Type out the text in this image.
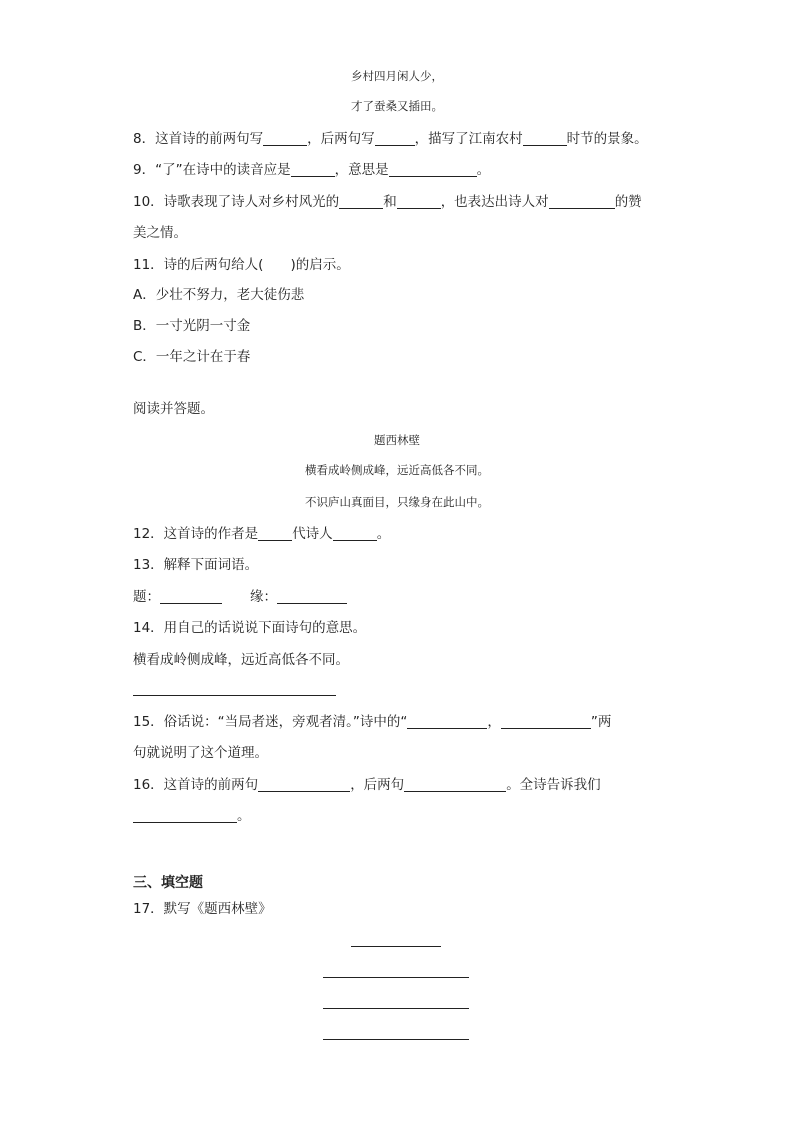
乡村四月闲人少，
才了蚕桑又插田。
8．这首诗的前两句写	，后两句写	，描写了江南农村	时节的景象。
9．“了”在诗中的读音应是	，意思是	。
10．诗歌表现了诗人对乡村风光的	和	，也表达出诗人对	的赞
美之情。
11．诗的后两句给人(　　)的启示。
A．少壮不努力，老大徒伤悲
B．一寸光阴一寸金
C．一年之计在于春
阅读并答题。
题西林壁
横看成岭侧成峰，远近高低各不同。
不识庐山真面目，只缘身在此山中。
12．这首诗的作者是	代诗人	。
13．解释下面词语。
题：	缘：
14．用自己的话说说下面诗句的意思。
横看成岭侧成峰，远近高低各不同。
15．俗话说：“当局者迷，旁观者清。”诗中的“	，	”两
句就说明了这个道理。
16．这首诗的前两句	，后两句	。全诗告诉我们
。
三、填空题
17．默写《题西林壁》
